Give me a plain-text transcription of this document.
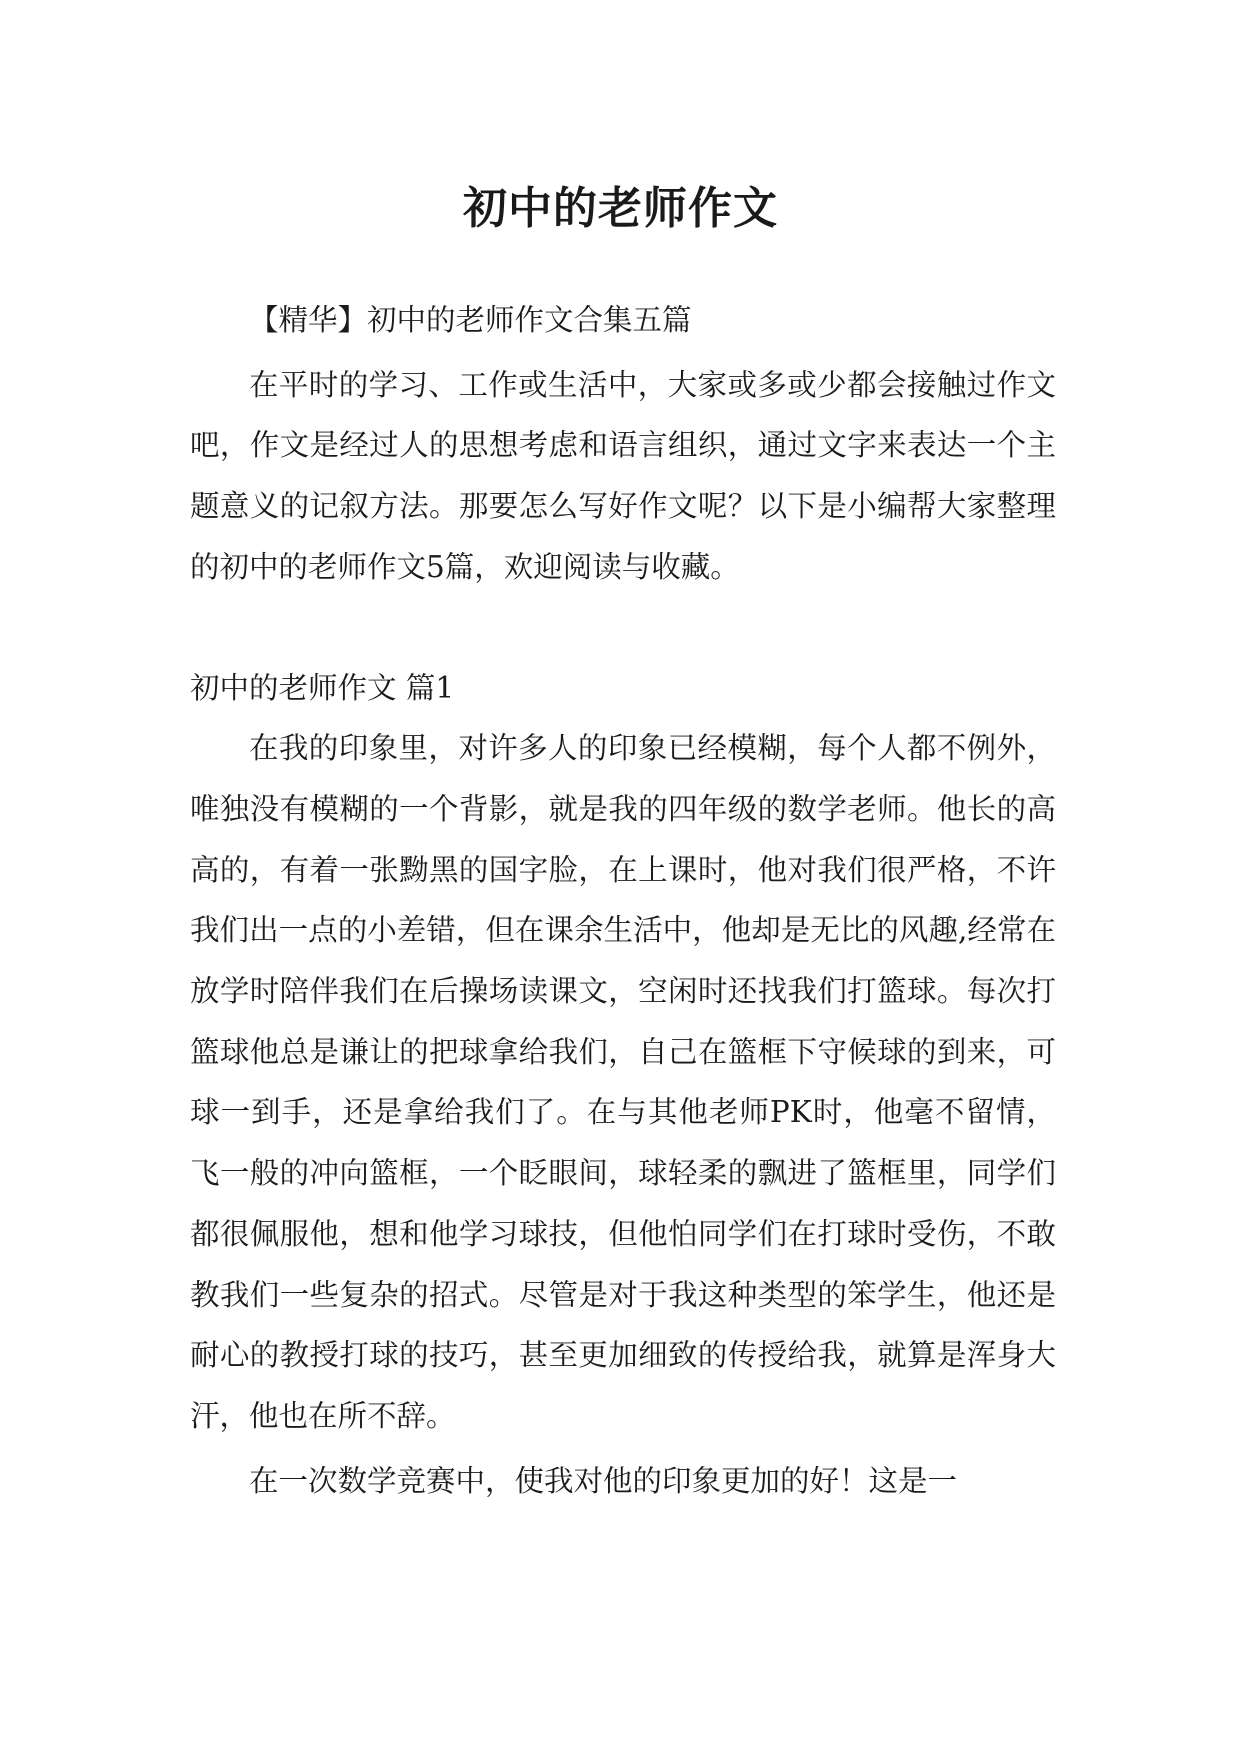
初中的老师作文

【精华】初中的老师作文合集五篇

在平时的学习、工作或生活中，大家或多或少都会接触过作文吧，作文是经过人的思想考虑和语言组织，通过文字来表达一个主题意义的记叙方法。那要怎么写好作文呢？以下是小编帮大家整理的初中的老师作文5篇，欢迎阅读与收藏。

初中的老师作文 篇1

在我的印象里，对许多人的印象已经模糊，每个人都不例外，唯独没有模糊的一个背影，就是我的四年级的数学老师。他长的高高的，有着一张黝黑的国字脸，在上课时，他对我们很严格，不许我们出一点的小差错，但在课余生活中，他却是无比的风趣,经常在放学时陪伴我们在后操场读课文，空闲时还找我们打篮球。每次打篮球他总是谦让的把球拿给我们，自己在篮框下守候球的到来，可球一到手，还是拿给我们了。在与其他老师PK时，他毫不留情，飞一般的冲向篮框，一个眨眼间，球轻柔的飘进了篮框里，同学们都很佩服他，想和他学习球技，但他怕同学们在打球时受伤，不敢教我们一些复杂的招式。尽管是对于我这种类型的笨学生，他还是耐心的教授打球的技巧，甚至更加细致的传授给我，就算是浑身大汗，他也在所不辞。

在一次数学竞赛中，使我对他的印象更加的好！这是一
